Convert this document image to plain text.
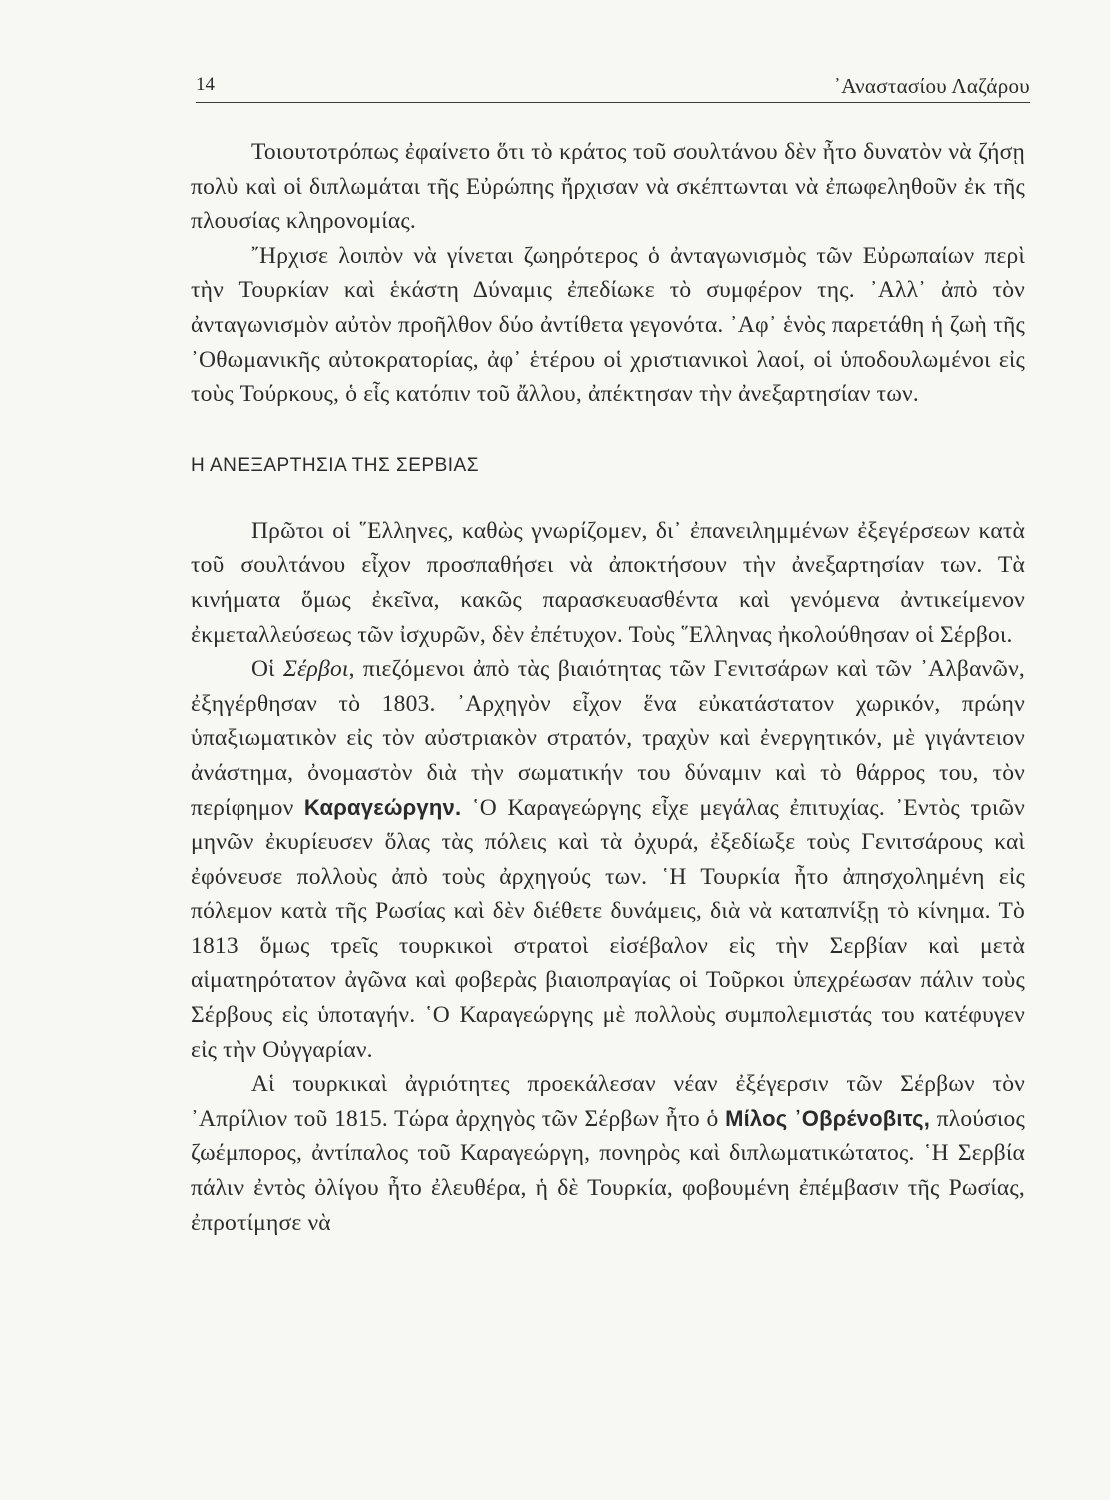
14	᾿Αναστασίου Λαζάρου

Τοιουτοτρόπως ἐφαίνετο ὅτι τὸ κράτος τοῦ σουλτάνου δὲν ἦτο δυνατὸν νὰ ζήσῃ πολὺ καὶ οἱ διπλωμάται τῆς Εὐρώπης ἤρχισαν νὰ σκέπτωνται νὰ ἐπωφεληθοῦν ἐκ τῆς πλουσίας κληρονομίας.

῎Ηρχισε λοιπὸν νὰ γίνεται ζωηρότερος ὁ ἀνταγωνισμὸς τῶν Εὐρωπαίων περὶ τὴν Τουρκίαν καὶ ἑκάστη Δύναμις ἐπεδίωκε τὸ συμφέρον της. ᾿Αλλ᾿ ἀπὸ τὸν ἀνταγωνισμὸν αὐτὸν προῆλθον δύο ἀντίθετα γεγονότα. ᾿Αφ᾿ ἑνὸς παρετάθη ἡ ζωὴ τῆς ᾿Οθωμανικῆς αὐτοκρατορίας, ἀφ᾿ ἑτέρου οἱ χριστιανικοὶ λαοί, οἱ ὑποδουλωμένοι εἰς τοὺς Τούρκους, ὁ εἷς κατόπιν τοῦ ἄλλου, ἀπέκτησαν τὴν ἀνεξαρτησίαν των.

Η ΑΝΕΞΑΡΤΗΣΙΑ ΤΗΣ ΣΕΡΒΙΑΣ

Πρῶτοι οἱ ῞Ελληνες, καθὼς γνωρίζομεν, δι᾿ ἐπανειλημμένων ἐξεγέρσεων κατὰ τοῦ σουλτάνου εἶχον προσπαθήσει νὰ ἀποκτήσουν τὴν ἀνεξαρτησίαν των. Τὰ κινήματα ὅμως ἐκεῖνα, κακῶς παρασκευασθέντα καὶ γενόμενα ἀντικείμενον ἐκμεταλλεύσεως τῶν ἰσχυρῶν, δὲν ἐπέτυχον. Τοὺς ῞Ελληνας ἠκολούθησαν οἱ Σέρβοι.

Οἱ Σέρβοι, πιεζόμενοι ἀπὸ τὰς βιαιότητας τῶν Γενιτσάρων καὶ τῶν ᾿Αλβανῶν, ἐξηγέρθησαν τὸ 1803. ᾿Αρχηγὸν εἶχον ἕνα εὐκατάστατον χωρικόν, πρώην ὑπαξιωματικὸν εἰς τὸν αὐστριακὸν στρατόν, τραχὺν καὶ ἐνεργητικόν, μὲ γιγάντειον ἀνάστημα, ὀνομαστὸν διὰ τὴν σωματικήν του δύναμιν καὶ τὸ θάρρος του, τὸν περίφημον Καραγεώργην. ῾Ο Καραγεώργης εἶχε μεγάλας ἐπιτυχίας. ᾿Εντὸς τριῶν μηνῶν ἐκυρίευσεν ὅλας τὰς πόλεις καὶ τὰ ὀχυρά, ἐξεδίωξε τοὺς Γενιτσάρους καὶ ἐφόνευσε πολλοὺς ἀπὸ τοὺς ἀρχηγούς των. ῾Η Τουρκία ἦτο ἀπησχολημένη εἰς πόλεμον κατὰ τῆς Ρωσίας καὶ δὲν διέθετε δυνάμεις, διὰ νὰ καταπνίξῃ τὸ κίνημα. Τὸ 1813 ὅμως τρεῖς τουρκικοὶ στρατοὶ εἰσέβαλον εἰς τὴν Σερβίαν καὶ μετὰ αἱματηρότατον ἀγῶνα καὶ φοβερὰς βιαιοπραγίας οἱ Τοῦρκοι ὑπεχρέωσαν πάλιν τοὺς Σέρβους εἰς ὑποταγήν. ῾Ο Καραγεώργης μὲ πολλοὺς συμπολεμιστάς του κατέφυγεν εἰς τὴν Οὐγγαρίαν.

Αἱ τουρκικαὶ ἀγριότητες προεκάλεσαν νέαν ἐξέγερσιν τῶν Σέρβων τὸν ᾿Απρίλιον τοῦ 1815. Τώρα ἀρχηγὸς τῶν Σέρβων ἦτο ὁ Μίλος ᾿Οβρένοβιτς, πλούσιος ζωέμπορος, ἀντίπαλος τοῦ Καραγεώργη, πονηρὸς καὶ διπλωματικώτατος. ῾Η Σερβία πάλιν ἐντὸς ὀλίγου ἦτο ἐλευθέρα, ἡ δὲ Τουρκία, φοβουμένη ἐπέμβασιν τῆς Ρωσίας, ἐπροτίμησε νὰ
